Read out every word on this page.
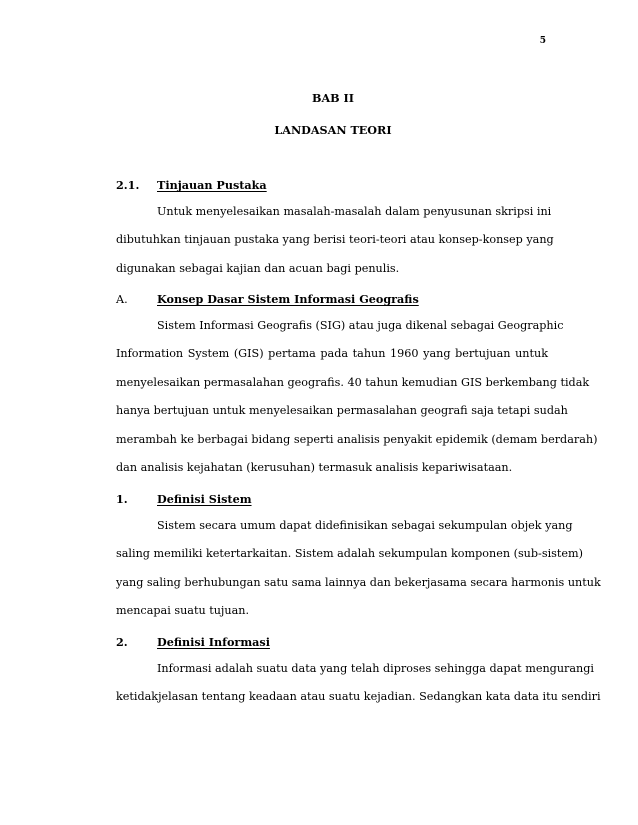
5
BAB II
LANDASAN TEORI
2.1. Tinjauan Pustaka
Untuk menyelesaikan masalah-masalah dalam penyusunan skripsi ini
dibutuhkan tinjauan pustaka yang berisi teori-teori atau konsep-konsep yang
digunakan sebagai kajian dan acuan bagi penulis.
A.	Konsep Dasar Sistem Informasi Geografis
Sistem Informasi Geografis (SIG) atau juga dikenal sebagai Geographic
Information System (GIS) pertama pada tahun 1960 yang bertujuan untuk
menyelesaikan permasalahan geografis. 40 tahun kemudian GIS berkembang tidak
hanya bertujuan untuk menyelesaikan permasalahan geografi saja tetapi sudah
merambah ke berbagai bidang seperti analisis penyakit epidemik (demam berdarah)
dan analisis kejahatan (kerusuhan) termasuk analisis kepariwisataan.
1.	Definisi Sistem
Sistem secara umum dapat didefinisikan sebagai sekumpulan objek yang
saling memiliki ketertarkaitan. Sistem adalah sekumpulan komponen (sub-sistem)
yang saling berhubungan satu sama lainnya dan bekerjasama secara harmonis untuk
mencapai suatu tujuan.
2.	Definisi Informasi
Informasi adalah suatu data yang telah diproses sehingga dapat mengurangi
ketidakjelasan tentang keadaan atau suatu kejadian. Sedangkan kata data itu sendiri
